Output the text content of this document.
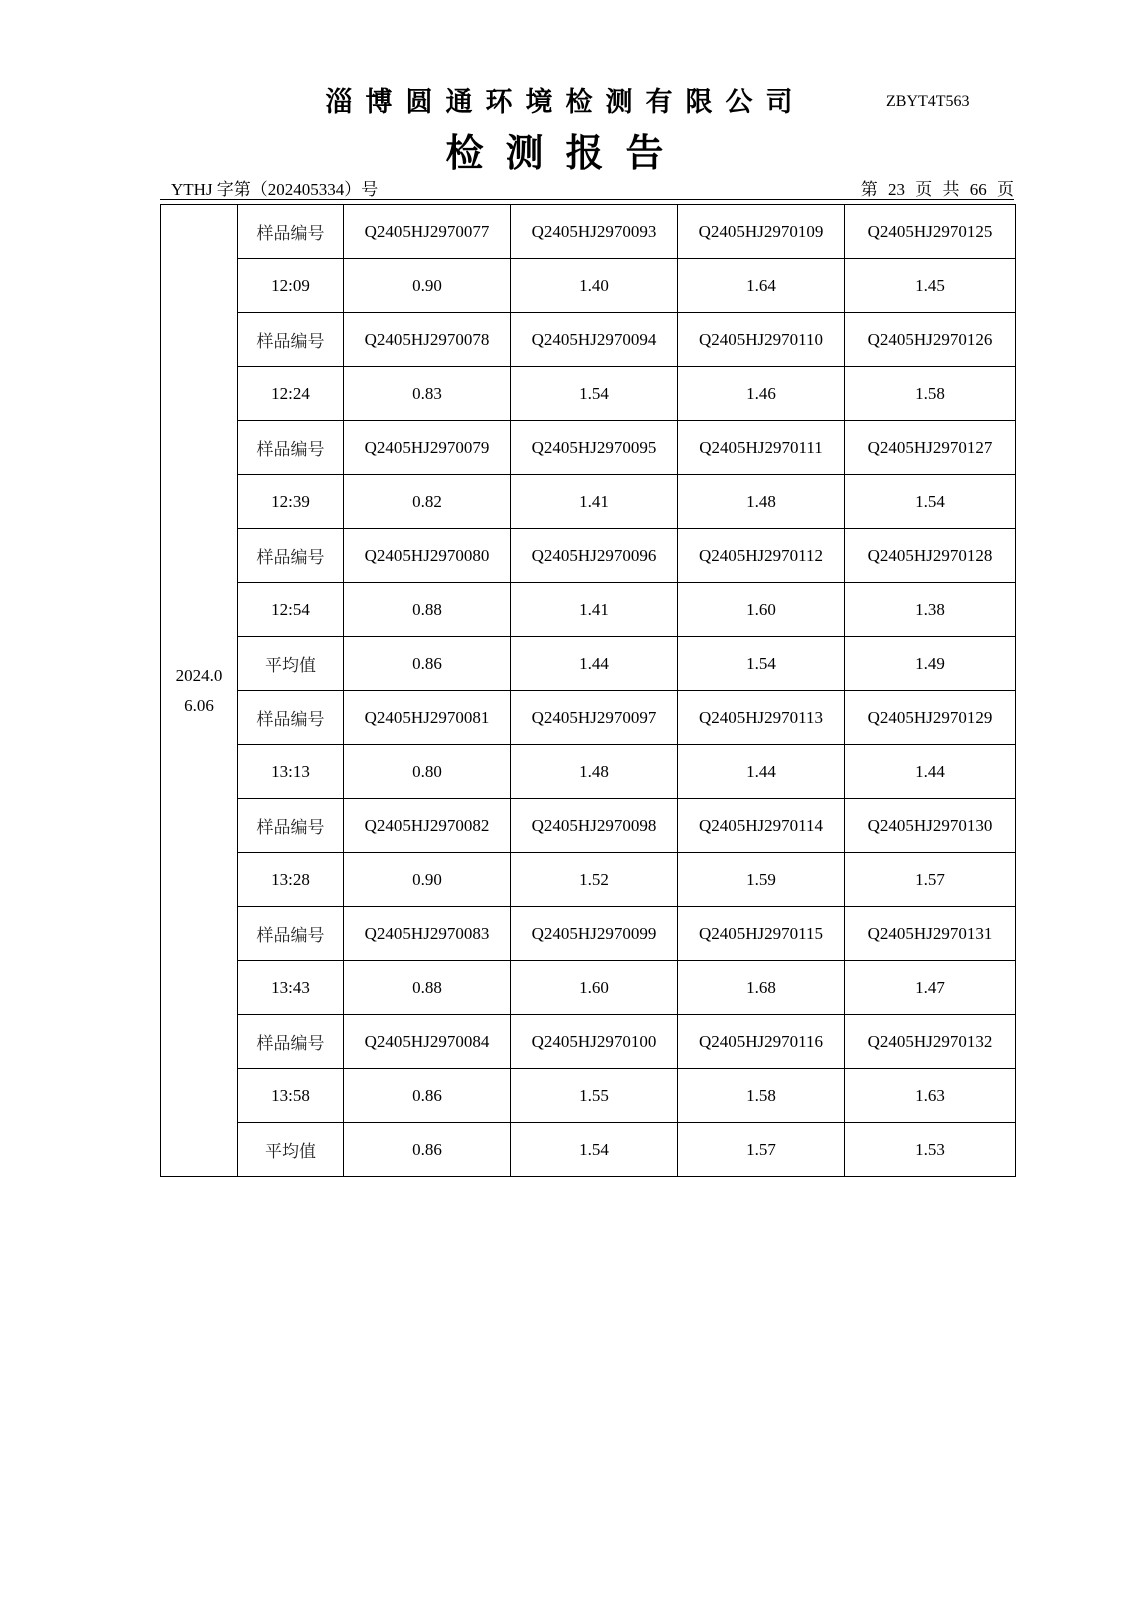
淄博圆通环境检测有限公司	ZBYT4T563
检测报告
YTHJ 字第（202405334）号	第 23 页 共 66 页
2024.0
6.06	样品编号	Q2405HJ2970077	Q2405HJ2970093	Q2405HJ2970109	Q2405HJ2970125
	12:09	0.90	1.40	1.64	1.45
	样品编号	Q2405HJ2970078	Q2405HJ2970094	Q2405HJ2970110	Q2405HJ2970126
	12:24	0.83	1.54	1.46	1.58
	样品编号	Q2405HJ2970079	Q2405HJ2970095	Q2405HJ2970111	Q2405HJ2970127
	12:39	0.82	1.41	1.48	1.54
	样品编号	Q2405HJ2970080	Q2405HJ2970096	Q2405HJ2970112	Q2405HJ2970128
	12:54	0.88	1.41	1.60	1.38
	平均值	0.86	1.44	1.54	1.49
	样品编号	Q2405HJ2970081	Q2405HJ2970097	Q2405HJ2970113	Q2405HJ2970129
	13:13	0.80	1.48	1.44	1.44
	样品编号	Q2405HJ2970082	Q2405HJ2970098	Q2405HJ2970114	Q2405HJ2970130
	13:28	0.90	1.52	1.59	1.57
	样品编号	Q2405HJ2970083	Q2405HJ2970099	Q2405HJ2970115	Q2405HJ2970131
	13:43	0.88	1.60	1.68	1.47
	样品编号	Q2405HJ2970084	Q2405HJ2970100	Q2405HJ2970116	Q2405HJ2970132
	13:58	0.86	1.55	1.58	1.63
	平均值	0.86	1.54	1.57	1.53
